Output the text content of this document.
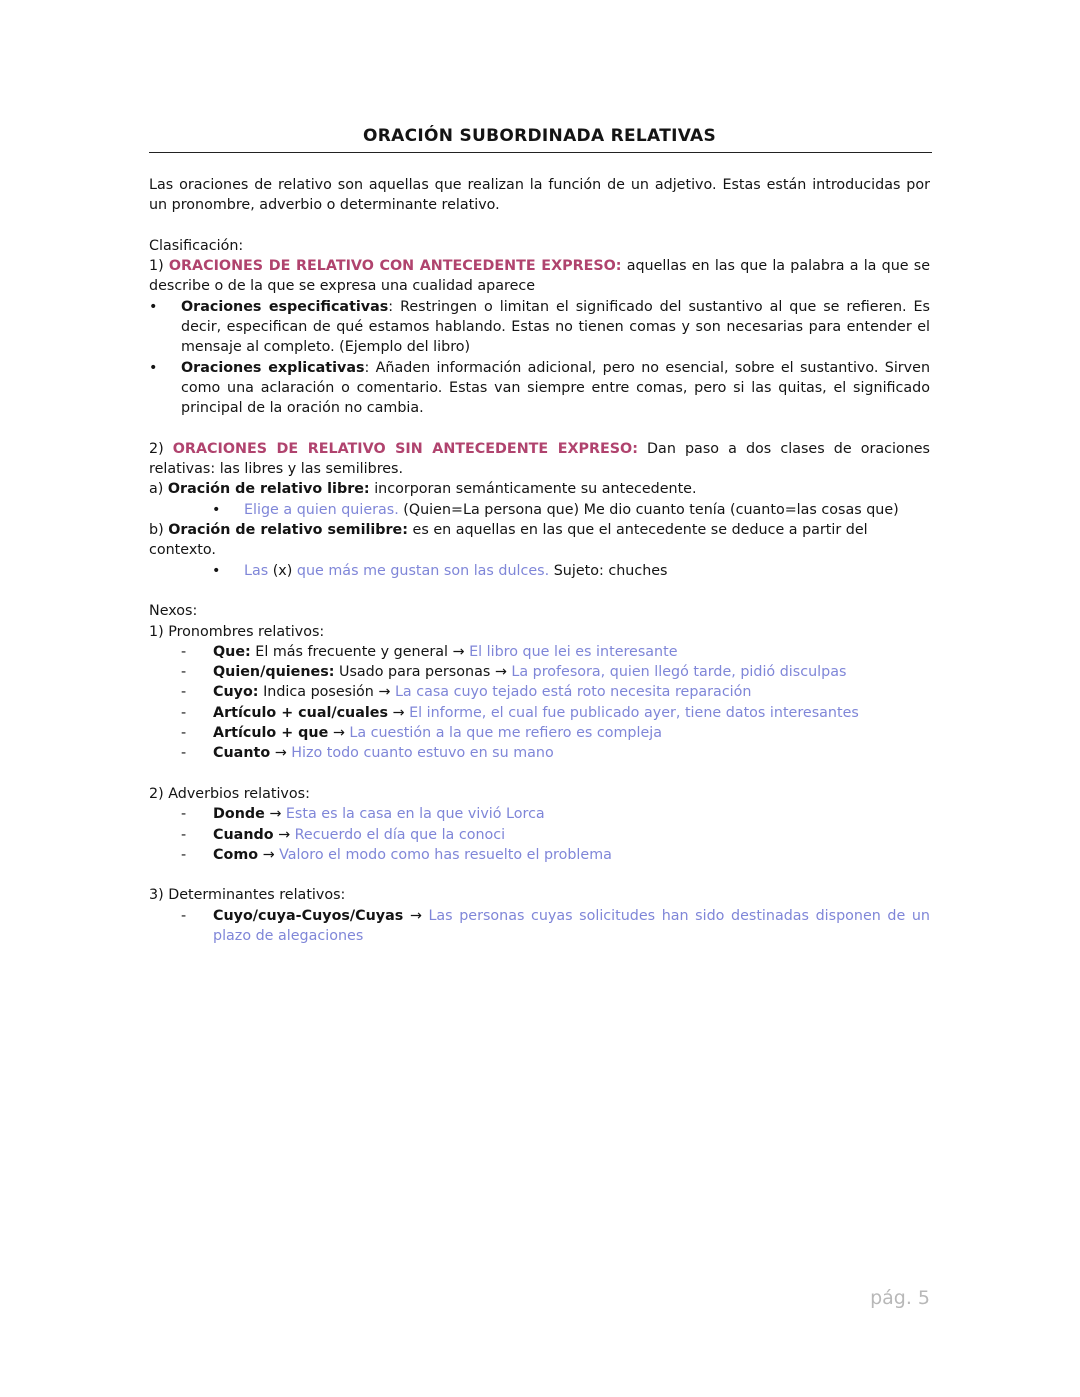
ORACIÓN SUBORDINADA RELATIVAS

Las oraciones de relativo son aquellas que realizan la función de un adjetivo. Estas están introducidas por un pronombre, adverbio o determinante relativo.

Clasificación:

1) ORACIONES DE RELATIVO CON ANTECEDENTE EXPRESO: aquellas en las que la palabra a la que se describe o de la que se expresa una cualidad aparece

• Oraciones especificativas: Restringen o limitan el significado del sustantivo al que se refieren. Es decir, especifican de qué estamos hablando. Estas no tienen comas y son necesarias para entender el mensaje al completo. (Ejemplo del libro)

• Oraciones explicativas: Añaden información adicional, pero no esencial, sobre el sustantivo. Sirven como una aclaración o comentario. Estas van siempre entre comas, pero si las quitas, el significado principal de la oración no cambia.

2) ORACIONES DE RELATIVO SIN ANTECEDENTE EXPRESO: Dan paso a dos clases de oraciones relativas: las libres y las semilibres.

a) Oración de relativo libre: incorporan semánticamente su antecedente.

• Elige a quien quieras. (Quien=La persona que) Me dio cuanto tenía (cuanto=las cosas que)

b) Oración de relativo semilibre: es en aquellas en las que el antecedente se deduce a partir del contexto.

• Las (x) que más me gustan son las dulces. Sujeto: chuches

Nexos:

1) Pronombres relativos:

- Que: El más frecuente y general → El libro que lei es interesante

- Quien/quienes: Usado para personas → La profesora, quien llegó tarde, pidió disculpas

- Cuyo: Indica posesión → La casa cuyo tejado está roto necesita reparación

- Artículo + cual/cuales → El informe, el cual fue publicado ayer, tiene datos interesantes

- Artículo + que → La cuestión a la que me refiero es compleja

- Cuanto → Hizo todo cuanto estuvo en su mano

2) Adverbios relativos:

- Donde → Esta es la casa en la que vivió Lorca

- Cuando → Recuerdo el día que la conoci

- Como → Valoro el modo como has resuelto el problema

3) Determinantes relativos:

- Cuyo/cuya-Cuyos/Cuyas → Las personas cuyas solicitudes han sido destinadas disponen de un plazo de alegaciones

pág. 5
